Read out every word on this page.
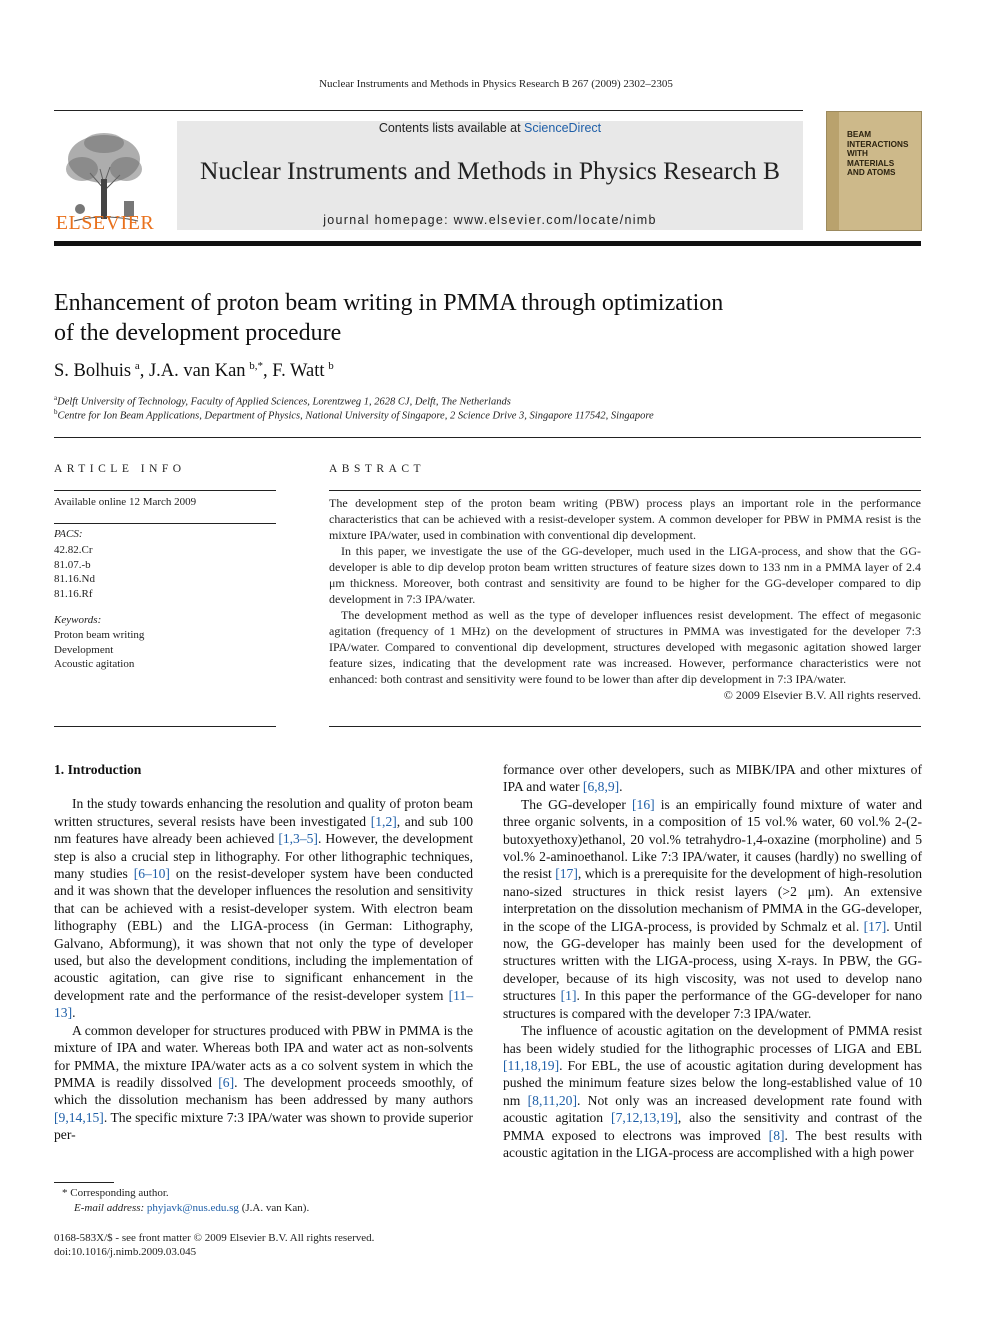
Nuclear Instruments and Methods in Physics Research B 267 (2009) 2302–2305
ELSEVIER
Contents lists available at ScienceDirect
Nuclear Instruments and Methods in Physics Research B
journal homepage: www.elsevier.com/locate/nimb
BEAM
INTERACTIONS
WITH
MATERIALS
AND ATOMS
Enhancement of proton beam writing in PMMA through optimization
of the development procedure
S. Bolhuis  $^a$, J.A. van Kan  $^{b,*}$, F. Watt  $^b$
$^a$Delft University of Technology, Faculty of Applied Sciences, Lorentzweg 1, 2628 CJ, Delft, The Netherlands
$^b$Centre for Ion Beam Applications, Department of Physics, National University of Singapore, 2 Science Drive 3, Singapore 117542, Singapore
ARTICLE INFO
Available online 12 March 2009
PACS:
42.82.Cr
81.07.-b
81.16.Nd
81.16.Rf
Keywords:
Proton beam writing
Development
Acoustic agitation
ABSTRACT

The development step of the proton beam writing (PBW) process plays an important role in the performance characteristics that can be achieved with a resist-developer system. A common developer for PBW in PMMA resist is the mixture IPA/water, used in combination with conventional dip development.

In this paper, we investigate the use of the GG-developer, much used in the LIGA-process, and show that the GG-developer is able to dip develop proton beam written structures of feature sizes down to 133 nm in a PMMA layer of 2.4 μm thickness. Moreover, both contrast and sensitivity are found to be higher for the GG-developer compared to dip development in 7:3 IPA/water.

The development method as well as the type of developer influences resist development. The effect of megasonic agitation (frequency of 1 MHz) on the development of structures in PMMA was investigated for the developer 7:3 IPA/water. Compared to conventional dip development, structures developed with megasonic agitation showed larger feature sizes, indicating that the development rate was increased. However, performance characteristics were not enhanced: both contrast and sensitivity were found to be lower than after dip development in 7:3 IPA/water.

© 2009 Elsevier B.V. All rights reserved.
1. Introduction

In the study towards enhancing the resolution and quality of proton beam written structures, several resists have been investigated [1,2], and sub 100 nm features have already been achieved [1,3–5]. However, the development step is also a crucial step in lithography. For other lithographic techniques, many studies [6–10] on the resist-developer system have been conducted and it was shown that the developer influences the resolution and sensitivity that can be achieved with a resist-developer system. With electron beam lithography (EBL) and the LIGA-process (in German: Lithography, Galvano, Abformung), it was shown that not only the type of developer used, but also the development conditions, including the implementation of acoustic agitation, can give rise to significant enhancement in the development rate and the performance of the resist-developer system [11–13].

A common developer for structures produced with PBW in PMMA is the mixture of IPA and water. Whereas both IPA and water act as non-solvents for PMMA, the mixture IPA/water acts as a co solvent system in which the PMMA is readily dissolved [6]. The development proceeds smoothly, of which the dissolution mechanism has been addressed by many authors [9,14,15]. The specific mixture 7:3 IPA/water was shown to provide superior per-

formance over other developers, such as MIBK/IPA and other mixtures of IPA and water [6,8,9].

The GG-developer [16] is an empirically found mixture of water and three organic solvents, in a composition of 15 vol.% water, 60 vol.% 2-(2-butoxyethoxy)ethanol, 20 vol.% tetrahydro-1,4-oxazine (morpholine) and 5 vol.% 2-aminoethanol. Like 7:3 IPA/water, it causes (hardly) no swelling of the resist [17], which is a prerequisite for the development of high-resolution nano-sized structures in thick resist layers (>2 μm). An extensive interpretation on the dissolution mechanism of PMMA in the GG-developer, in the scope of the LIGA-process, is provided by Schmalz et al. [17]. Until now, the GG-developer has mainly been used for the development of structures written with the LIGA-process, using X-rays. In PBW, the GG-developer, because of its high viscosity, was not used to develop nano structures [1]. In this paper the performance of the GG-developer for nano structures is compared with the developer 7:3 IPA/water.

The influence of acoustic agitation on the development of PMMA resist has been widely studied for the lithographic processes of LIGA and EBL [11,18,19]. For EBL, the use of acoustic agitation during development has pushed the minimum feature sizes below the long-established value of 10 nm [8,11,20]. Not only was an increased development rate found with acoustic agitation [7,12,13,19], also the sensitivity and contrast of the PMMA exposed to electrons was improved [8]. The best results with acoustic agitation in the LIGA-process are accomplished with a high power

* Corresponding author.
E-mail address: phyjavk@nus.edu.sg (J.A. van Kan).
0168-583X/$ - see front matter © 2009 Elsevier B.V. All rights reserved.
doi:10.1016/j.nimb.2009.03.045
